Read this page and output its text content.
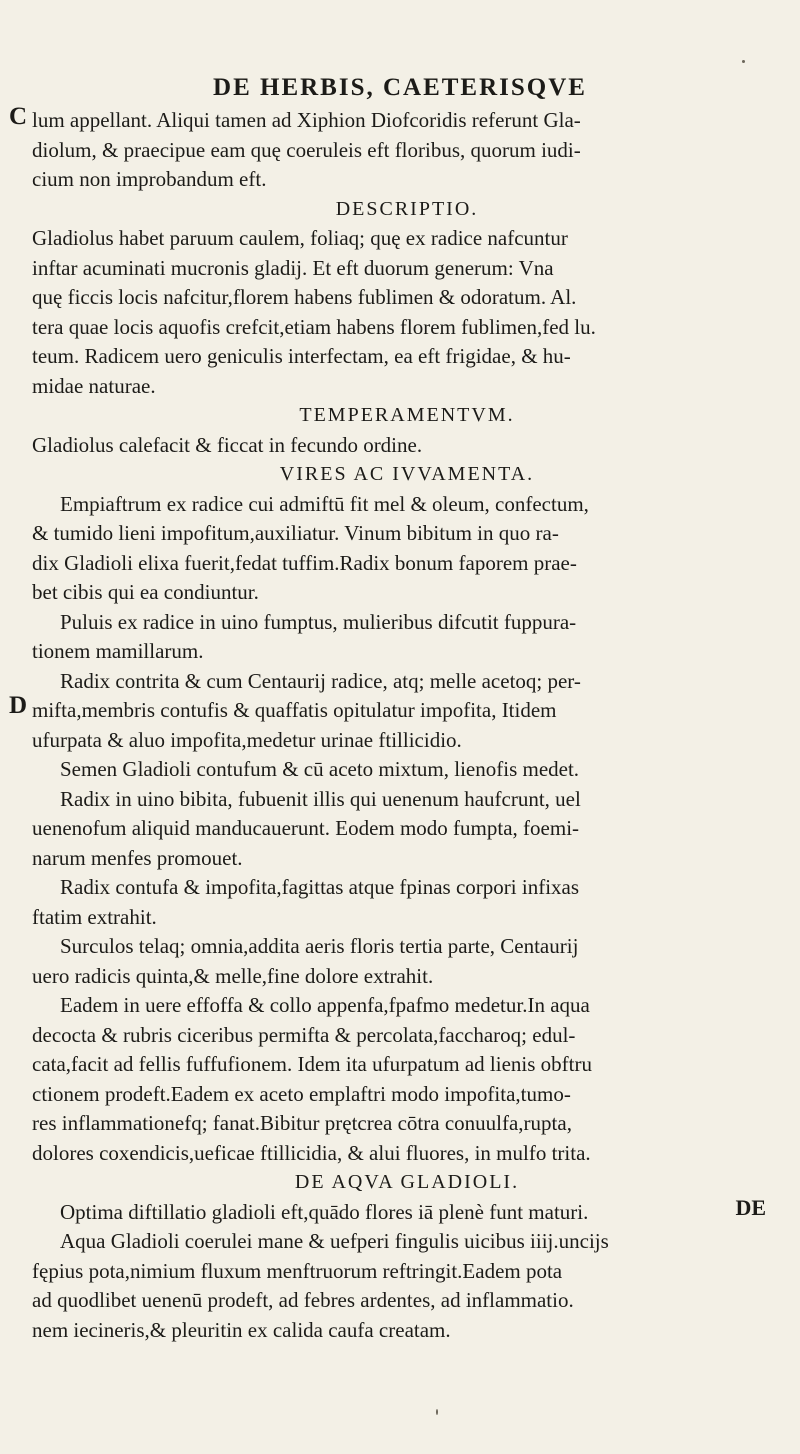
DE HERBIS, CAETERISQVE
C
D
lum appellant. Aliqui tamen ad Xiphion Diofcoridis referunt Gla-
diolum, & praecipue eam quę coeruleis eft floribus, quorum iudi-
cium non improbandum eft.
DESCRIPTIO.
Gladiolus habet paruum caulem, foliaq; quę ex radice nafcuntur
inftar acuminati mucronis gladij. Et eft duorum generum: Vna
quę ficcis locis nafcitur,florem habens fublimen & odoratum. Al.
tera quae locis aquofis crefcit,etiam habens florem fublimen,fed lu.
teum. Radicem uero geniculis interfectam, ea eft frigidae, & hu-
midae naturae.
TEMPERAMENTVM.
Gladiolus calefacit & ficcat in fecundo ordine.
VIRES AC IVVAMENTA.
Empiaftrum ex radice cui admiftū fit mel & oleum, confectum,
& tumido lieni impofitum,auxiliatur. Vinum bibitum in quo ra-
dix Gladioli elixa fuerit,fedat tuffim.Radix bonum faporem prae-
bet cibis qui ea condiuntur.
Puluis ex radice in uino fumptus, mulieribus difcutit fuppura-
tionem mamillarum.
Radix contrita & cum Centaurij radice, atq; melle acetoq; per-
mifta,membris contufis & quaffatis opitulatur impofita, Itidem
ufurpata & aluo impofita,medetur urinae ftillicidio.
Semen Gladioli contufum & cū aceto mixtum, lienofis medet.
Radix in uino bibita, fubuenit illis qui uenenum haufcrunt, uel
uenenofum aliquid manducauerunt. Eodem modo fumpta, foemi-
narum menfes promouet.
Radix contufa & impofita,fagittas atque fpinas corpori infixas
ftatim extrahit.
Surculos telaq; omnia,addita aeris floris tertia parte, Centaurij
uero radicis quinta,& melle,fine dolore extrahit.
Eadem in uere effoffa & collo appenfa,fpafmo medetur.In aqua
decocta & rubris ciceribus permifta & percolata,faccharoq; edul-
cata,facit ad fellis fuffufionem. Idem ita ufurpatum ad lienis obftru
ctionem prodeft.Eadem ex aceto emplaftri modo impofita,tumo-
res inflammationefq; fanat.Bibitur prętcrea cōtra conuulfa,rupta,
dolores coxendicis,ueficae ftillicidia, & alui fluores, in mulfo trita.
DE AQVA GLADIOLI.
Optima diftillatio gladioli eft,quādo flores iā plenè funt maturi.
Aqua Gladioli coerulei mane & uefperi fingulis uicibus iiij.uncijs
fępius pota,nimium fluxum menftruorum reftringit.Eadem pota
ad quodlibet uenenū prodeft, ad febres ardentes, ad inflammatio.
nem iecineris,& pleuritin ex calida caufa creatam.
DE
